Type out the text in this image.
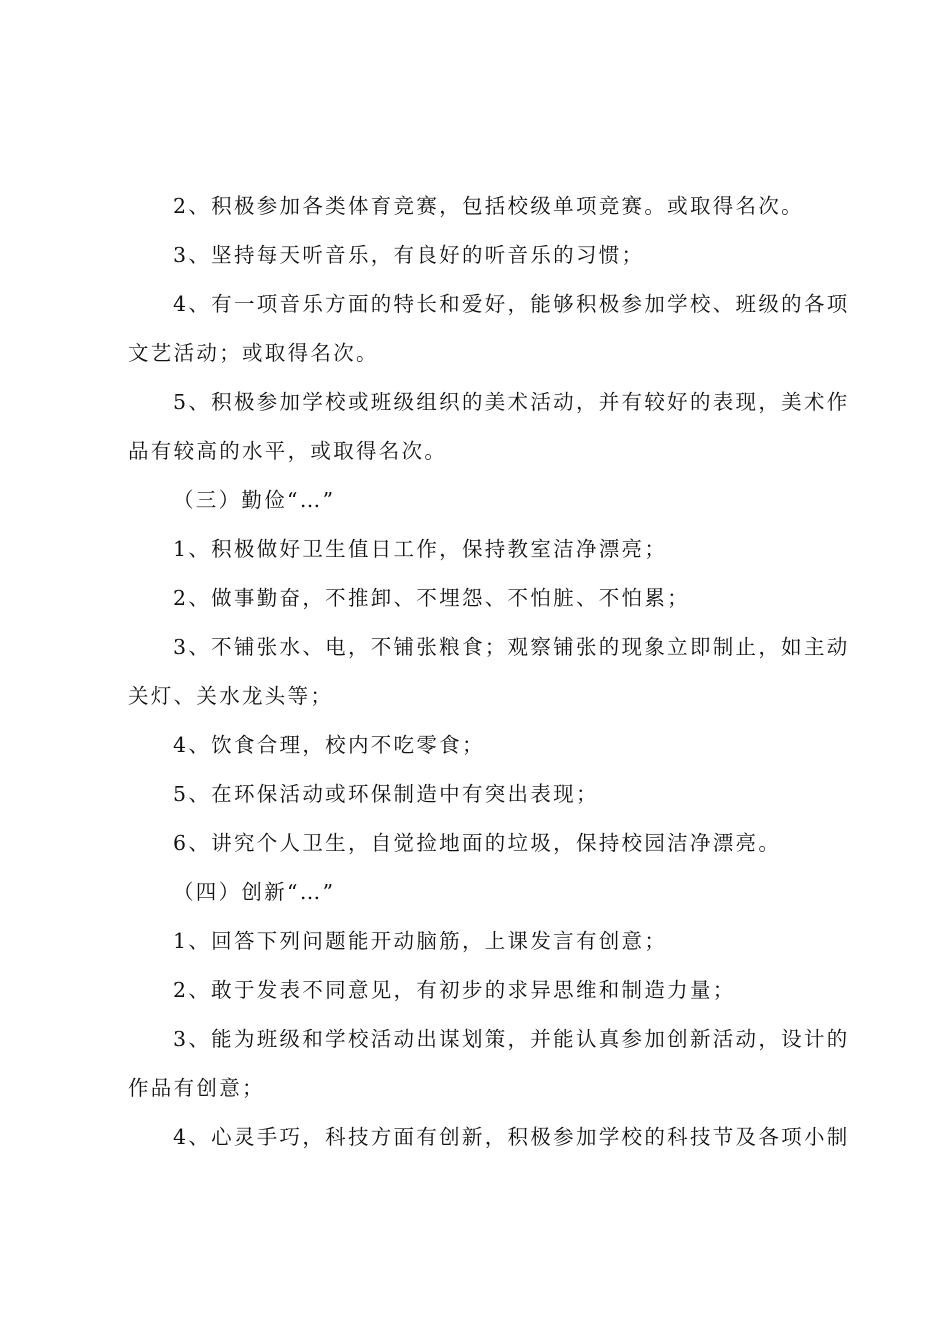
2、积极参加各类体育竞赛，包括校级单项竞赛。或取得名次。
3、坚持每天听音乐，有良好的听音乐的习惯；
4、有一项音乐方面的特长和爱好，能够积极参加学校、班级的各项
文艺活动；或取得名次。
5、积极参加学校或班级组织的美术活动，并有较好的表现，美术作
品有较高的水平，或取得名次。
（三）勤俭“…”
1、积极做好卫生值日工作，保持教室洁净漂亮；
2、做事勤奋，不推卸、不埋怨、不怕脏、不怕累；
3、不铺张水、电，不铺张粮食；观察铺张的现象立即制止，如主动
关灯、关水龙头等；
4、饮食合理，校内不吃零食；
5、在环保活动或环保制造中有突出表现；
6、讲究个人卫生，自觉捡地面的垃圾，保持校园洁净漂亮。
（四）创新“…”
1、回答下列问题能开动脑筋，上课发言有创意；
2、敢于发表不同意见，有初步的求异思维和制造力量；
3、能为班级和学校活动出谋划策，并能认真参加创新活动，设计的
作品有创意；
4、心灵手巧，科技方面有创新，积极参加学校的科技节及各项小制
